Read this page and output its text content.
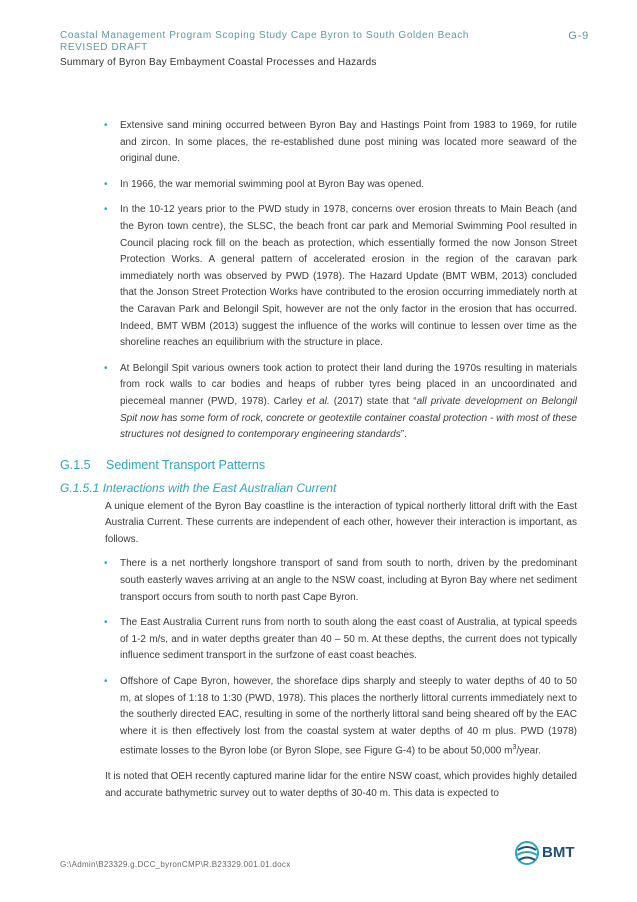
Coastal Management Program Scoping Study Cape Byron to South Golden Beach
REVISED DRAFT
Summary of Byron Bay Embayment Coastal Processes and Hazards
G-9
• Extensive sand mining occurred between Byron Bay and Hastings Point from 1983 to 1969, for rutile and zircon. In some places, the re-established dune post mining was located more seaward of the original dune.
• In 1966, the war memorial swimming pool at Byron Bay was opened.
• In the 10-12 years prior to the PWD study in 1978, concerns over erosion threats to Main Beach (and the Byron town centre), the SLSC, the beach front car park and Memorial Swimming Pool resulted in Council placing rock fill on the beach as protection, which essentially formed the now Jonson Street Protection Works. A general pattern of accelerated erosion in the region of the caravan park immediately north was observed by PWD (1978). The Hazard Update (BMT WBM, 2013) concluded that the Jonson Street Protection Works have contributed to the erosion occurring immediately north at the Caravan Park and Belongil Spit, however are not the only factor in the erosion that has occurred. Indeed, BMT WBM (2013) suggest the influence of the works will continue to lessen over time as the shoreline reaches an equilibrium with the structure in place.
• At Belongil Spit various owners took action to protect their land during the 1970s resulting in materials from rock walls to car bodies and heaps of rubber tyres being placed in an uncoordinated and piecemeal manner (PWD, 1978). Carley et al. (2017) state that “all private development on Belongil Spit now has some form of rock, concrete or geotextile container coastal protection - with most of these structures not designed to contemporary engineering standards”.
G.1.5 Sediment Transport Patterns
G.1.5.1 Interactions with the East Australian Current

A unique element of the Byron Bay coastline is the interaction of typical northerly littoral drift with the East Australia Current. These currents are independent of each other, however their interaction is important, as follows.

• There is a net northerly longshore transport of sand from south to north, driven by the predominant south easterly waves arriving at an angle to the NSW coast, including at Byron Bay where net sediment transport occurs from south to north past Cape Byron.
• The East Australia Current runs from north to south along the east coast of Australia, at typical speeds of 1-2 m/s, and in water depths greater than 40 – 50 m. At these depths, the current does not typically influence sediment transport in the surfzone of east coast beaches.
• Offshore of Cape Byron, however, the shoreface dips sharply and steeply to water depths of 40 to 50 m, at slopes of 1:18 to 1:30 (PWD, 1978). This places the northerly littoral currents immediately next to the southerly directed EAC, resulting in some of the northerly littoral sand being sheared off by the EAC where it is then effectively lost from the coastal system at water depths of 40 m plus. PWD (1978) estimate losses to the Byron lobe (or Byron Slope, see Figure G-4) to be about 50,000 $m^3$/year.

It is noted that OEH recently captured marine lidar for the entire NSW coast, which provides highly detailed and accurate bathymetric survey out to water depths of 30-40 m. This data is expected to

G:\Admin\B23329.g.DCC_byronCMP\R.B23329.001.01.docx
BMT
